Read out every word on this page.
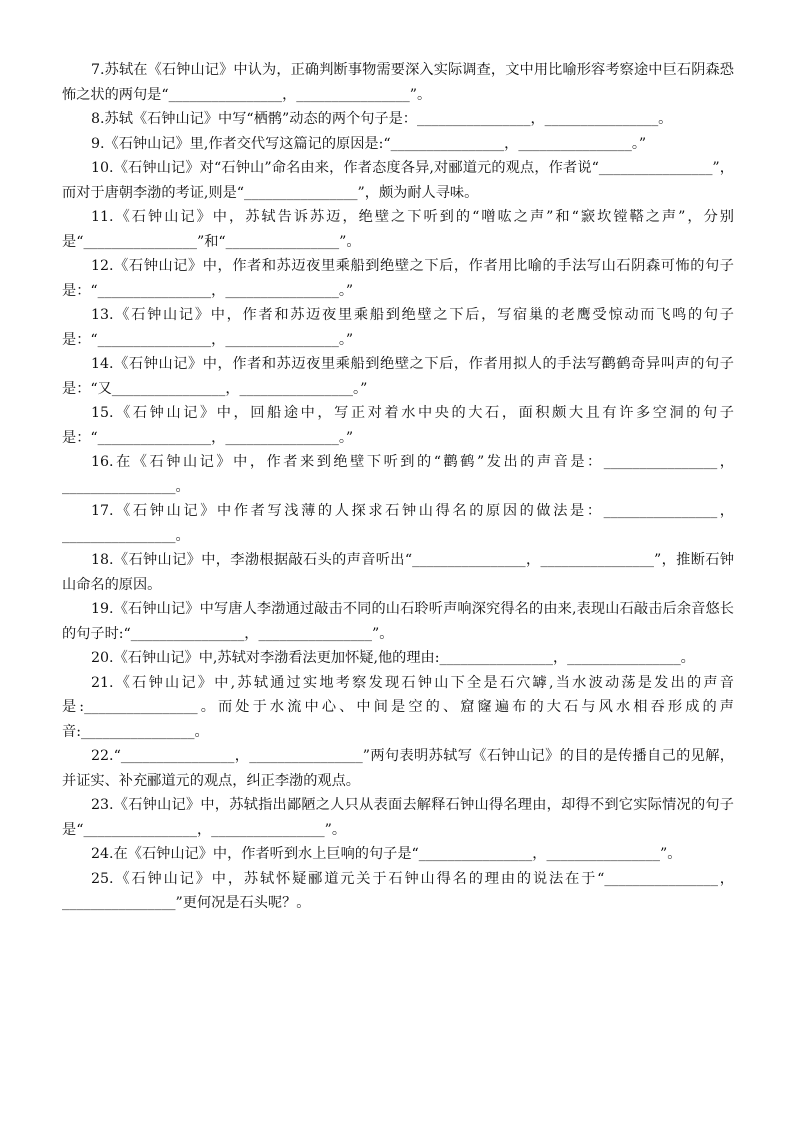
7.苏轼在《石钟山记》中认为，正确判断事物需要深入实际调查，文中用比喻形容考察途中巨石阴森恐怖之状的两句是“________________，________________”。

8.苏轼《石钟山记》中写“栖鹘”动态的两个句子是：________________，________________。

9.《石钟山记》里,作者交代写这篇记的原因是:“________________，________________。”

10.《石钟山记》对“石钟山”命名由来，作者态度各异,对郦道元的观点，作者说“________________”，而对于唐朝李渤的考证,则是“________________”，颇为耐人寻味。

11.《石钟山记》中，苏轼告诉苏迈，绝壁之下听到的“噌吰之声”和“窾坎镗鞳之声”，分别是“________________”和“________________”。

12.《石钟山记》中，作者和苏迈夜里乘船到绝壁之下后，作者用比喻的手法写山石阴森可怖的句子是：“________________，________________。”

13.《石钟山记》中，作者和苏迈夜里乘船到绝壁之下后，写宿巢的老鹰受惊动而飞鸣的句子是：“________________，________________。”

14.《石钟山记》中，作者和苏迈夜里乘船到绝壁之下后，作者用拟人的手法写鹳鹤奇异叫声的句子是：“又________________，________________。”

15.《石钟山记》中，回船途中，写正对着水中央的大石，面积颇大且有许多空洞的句子是：“________________，________________。”

16.在《石钟山记》中，作者来到绝壁下听到的“鹳鹤”发出的声音是：________________，________________。

17.《石钟山记》中作者写浅薄的人探求石钟山得名的原因的做法是：________________，________________。

18.《石钟山记》中，李渤根据敲石头的声音听出“________________，________________”，推断石钟山命名的原因。

19.《石钟山记》中写唐人李渤通过敲击不同的山石聆听声响深究得名的由来,表现山石敲击后余音悠长的句子时:“________________，________________”。

20.《石钟山记》中,苏轼对李渤看法更加怀疑,他的理由:________________，________________。

21.《石钟山记》中,苏轼通过实地考察发现石钟山下全是石穴罅,当水波动荡是发出的声音是:________________。而处于水流中心、中间是空的、窟窿遍布的大石与风水相吞形成的声音:________________。

22.“________________，________________”两句表明苏轼写《石钟山记》的目的是传播自己的见解，并证实、补充郦道元的观点，纠正李渤的观点。

23.《石钟山记》中，苏轼指出鄙陋之人只从表面去解释石钟山得名理由，却得不到它实际情况的句子是“________________，________________”。

24.在《石钟山记》中，作者听到水上巨响的句子是“________________，________________”。

25.《石钟山记》中，苏轼怀疑郦道元关于石钟山得名的理由的说法在于“________________，________________”更何况是石头呢？。
